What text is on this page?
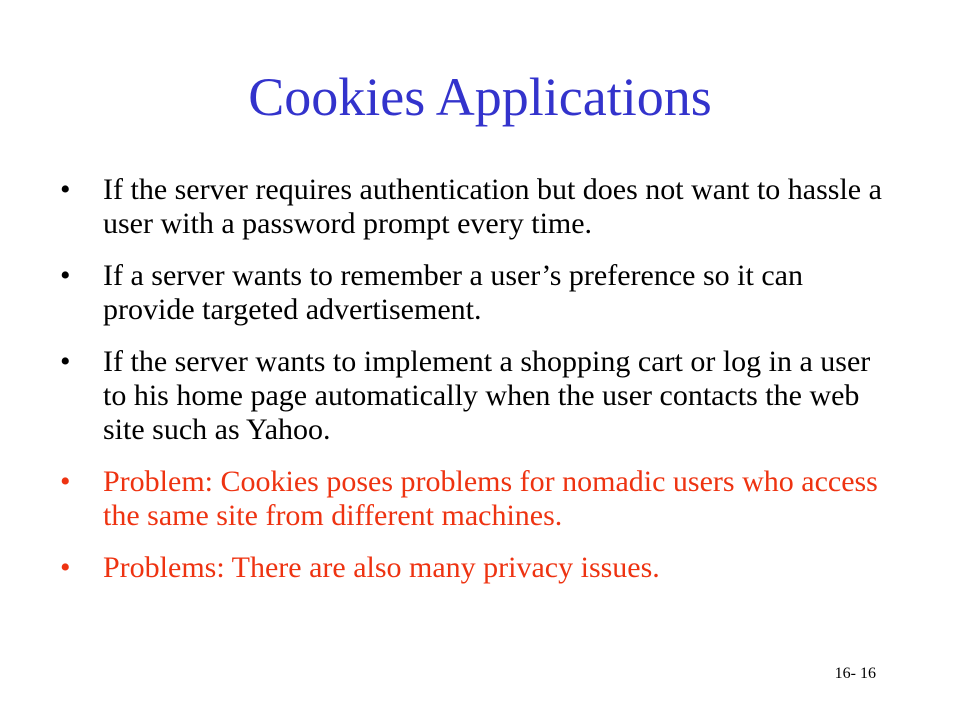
Cookies Applications
•	If the server requires authentication but does not want to hassle a user with a password prompt every time.
•	If a server wants to remember a user’s preference so it can provide targeted advertisement.
•	If the server wants to implement a shopping cart or log in a user to his home page automatically when the user contacts the web site such as Yahoo.
•	Problem: Cookies poses problems for nomadic users who access the same site from different machines.
•	Problems: There are also many privacy issues.
16- 16
